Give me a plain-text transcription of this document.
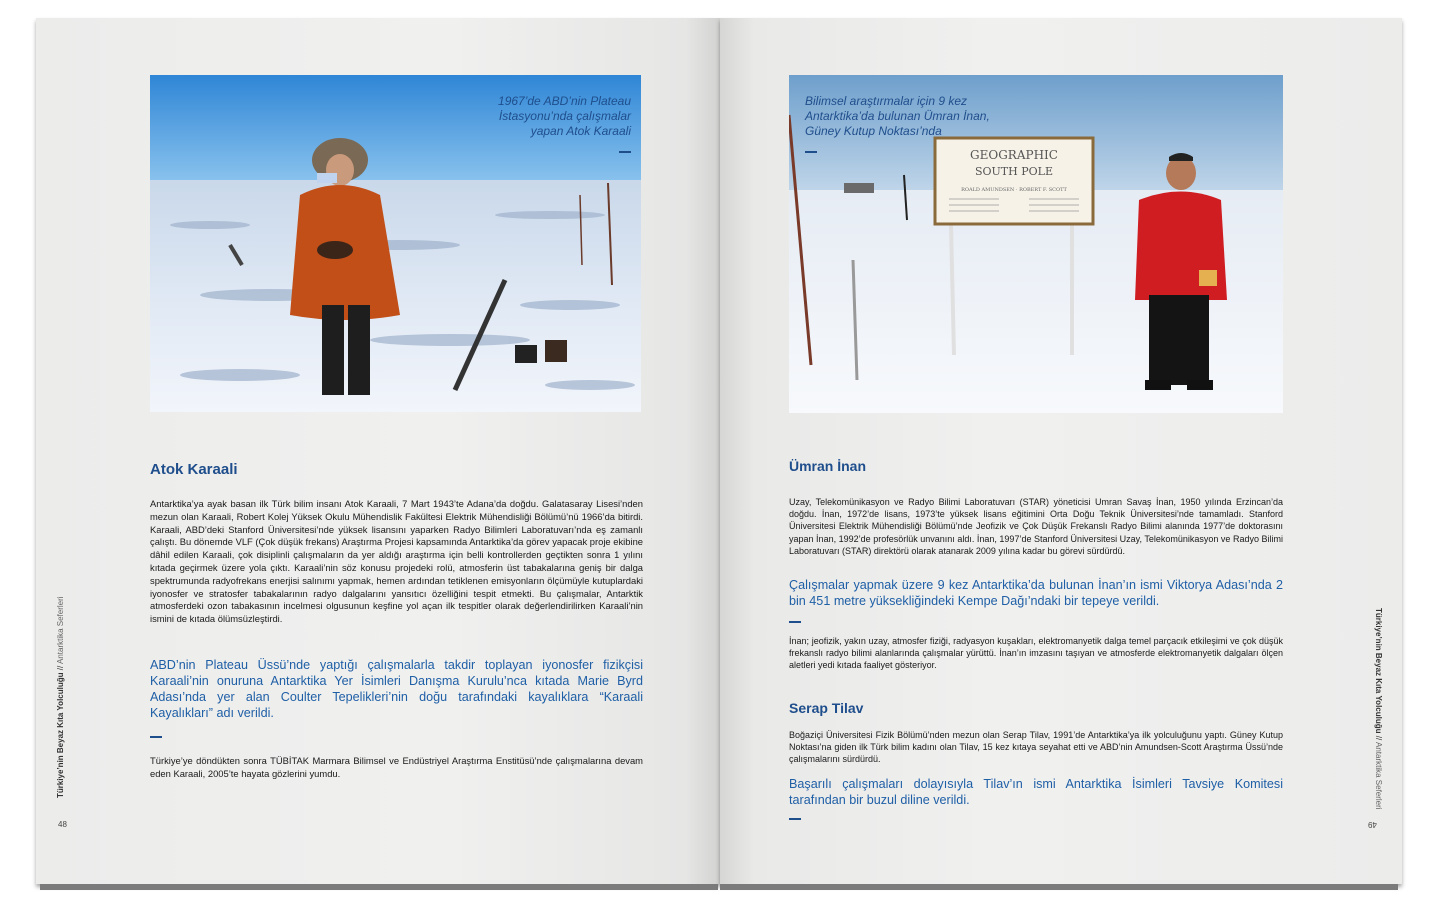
1967’de ABD’nin Plateau İstasyonu’nda çalışmalar yapan Atok Karaali
Atok Karaali
Antarktika’ya ayak basan ilk Türk bilim insanı Atok Karaali, 7 Mart 1943’te Adana’da doğdu. Galatasaray Lisesi’nden mezun olan Karaali, Robert Kolej Yüksek Okulu Mühendislik Fakültesi Elektrik Mühendisliği Bölümü’nü 1966’da bitirdi. Karaali, ABD’deki Stanford Üniversitesi’nde yüksek lisansını yaparken Radyo Bilimleri Laboratuvarı’nda eş zamanlı çalıştı. Bu dönemde VLF (Çok düşük frekans) Araştırma Projesi kapsamında Antarktika’da görev yapacak proje ekibine dâhil edilen Karaali, çok disiplinli çalışmaların da yer aldığı araştırma için belli kontrollerden geçtikten sonra 1 yılını kıtada geçirmek üzere yola çıktı. Karaali’nin söz konusu projedeki rolü, atmosferin üst tabakalarına geniş bir dalga spektrumunda radyofrekans enerjisi salınımı yapmak, hemen ardından tetiklenen emisyonların ölçümüyle kutuplardaki iyonosfer ve stratosfer tabakalarının radyo dalgalarını yansıtıcı özelliğini tespit etmekti. Bu çalışmalar, Antarktik atmosferdeki ozon tabakasının incelmesi olgusunun keşfine yol açan ilk tespitler olarak değerlendirilirken Karaali’nin ismini de kıtada ölümsüzleştirdi.
ABD’nin Plateau Üssü’nde yaptığı çalışmalarla takdir toplayan iyonosfer fizikçisi Karaali’nin onuruna Antarktika Yer İsimleri Danışma Kurulu’nca kıtada Marie Byrd Adası’nda yer alan Coulter Tepelikleri’nin doğu tarafındaki kayalıklara “Karaali Kayalıkları” adı verildi.
Türkiye’ye döndükten sonra TÜBİTAK Marmara Bilimsel ve Endüstriyel Araştırma Enstitüsü’nde çalışmalarına devam eden Karaali, 2005’te hayata gözlerini yumdu.
Türkiye’nin Beyaz Kıta Yolculuğu // Antarktika Seferleri
48
GEOGRAPHIC
SOUTH POLE
ROALD AMUNDSEN · ROBERT F. SCOTT
Bilimsel araştırmalar için 9 kez Antarktika’da bulunan Ümran İnan, Güney Kutup Noktası’nda
Ümran İnan
Uzay, Telekomünikasyon ve Radyo Bilimi Laboratuvarı (STAR) yöneticisi Umran Savaş İnan, 1950 yılında Erzincan’da doğdu. İnan, 1972’de lisans, 1973’te yüksek lisans eğitimini Orta Doğu Teknik Üniversitesi’nde tamamladı. Stanford Üniversitesi Elektrik Mühendisliği Bölümü’nde Jeofizik ve Çok Düşük Frekanslı Radyo Bilimi alanında 1977’de doktorasını yapan İnan, 1992’de profesörlük unvanını aldı. İnan, 1997’de Stanford Üniversitesi Uzay, Telekomünikasyon ve Radyo Bilimi Laboratuvarı (STAR) direktörü olarak atanarak 2009 yılına kadar bu görevi sürdürdü.
Çalışmalar yapmak üzere 9 kez Antarktika’da bulunan İnan’ın ismi Viktorya Adası’nda 2 bin 451 metre yüksekliğindeki Kempe Dağı’ndaki bir tepeye verildi.
İnan; jeofizik, yakın uzay, atmosfer fiziği, radyasyon kuşakları, elektromanyetik dalga temel parçacık etkileşimi ve çok düşük frekanslı radyo bilimi alanlarında çalışmalar yürüttü. İnan’ın imzasını taşıyan ve atmosferde elektromanyetik dalgaları ölçen aletleri yedi kıtada faaliyet gösteriyor.
Serap Tilav
Boğaziçi Üniversitesi Fizik Bölümü’nden mezun olan Serap Tilav, 1991’de Antarktika’ya ilk yolculuğunu yaptı. Güney Kutup Noktası’na giden ilk Türk bilim kadını olan Tilav, 15 kez kıtaya seyahat etti ve ABD’nin Amundsen-Scott Araştırma Üssü’nde çalışmalarını sürdürdü.
Başarılı çalışmaları dolayısıyla Tilav’ın ismi Antarktika İsimleri Tavsiye Komitesi tarafından bir buzul diline verildi.
Türkiye’nin Beyaz Kıta Yolculuğu // Antarktika Seferleri
49
